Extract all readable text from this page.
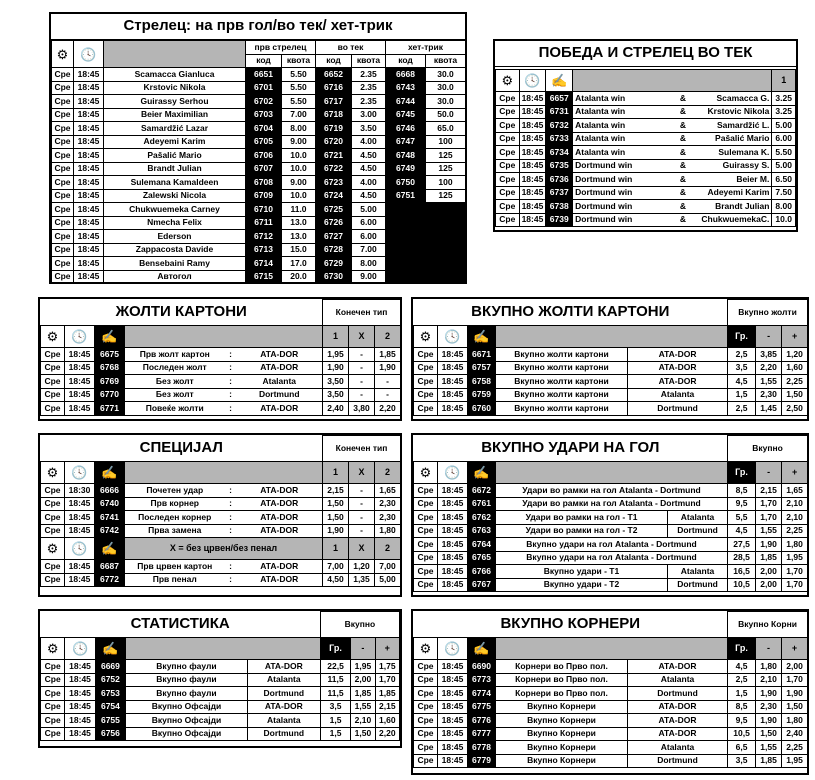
Стрелец: на прв гол/во тек/ хет-трик
⚙	🕓		прв стрелец		во тек		хет-трик	
			код	квота	код	квота	код	квота
Сре	18:45	Scamacca Gianluca	6651	5.50	6652	2.35	6668	30.0
Сре	18:45	Krstovic Nikola	6701	5.50	6716	2.35	6743	30.0
Сре	18:45	Guirassy Serhou	6702	5.50	6717	2.35	6744	30.0
Сре	18:45	Beier Maximilian	6703	7.00	6718	3.00	6745	50.0
Сре	18:45	Samardžić Lazar	6704	8.00	6719	3.50	6746	65.0
Сре	18:45	Adeyemi Karim	6705	9.00	6720	4.00	6747	100
Сре	18:45	Pašalić Mario	6706	10.0	6721	4.50	6748	125
Сре	18:45	Brandt Julian	6707	10.0	6722	4.50	6749	125
Сре	18:45	Sulemana Kamaldeen	6708	9.00	6723	4.00	6750	100
Сре	18:45	Zalewski Nicola	6709	10.0	6724	4.50	6751	125
Сре	18:45	Chukwuemeka Carney	6710	11.0	6725	5.00		
Сре	18:45	Nmecha Felix	6711	13.0	6726	6.00		
Сре	18:45	Ederson	6712	13.0	6727	6.00		
Сре	18:45	Zappacosta Davide	6713	15.0	6728	7.00		
Сре	18:45	Bensebaini Ramy	6714	17.0	6729	8.00		
Сре	18:45	Автогол	6715	20.0	6730	9.00		
ПОБЕДА И СТРЕЛЕЦ ВО ТЕК
⚙	🕓	✍				1
Сре	18:45	6657	Atalanta win	&	Scamacca G.	3.25
Сре	18:45	6731	Atalanta win	&	Krstovic Nikola	3.25
Сре	18:45	6732	Atalanta win	&	Samardžić L.	5.00
Сре	18:45	6733	Atalanta win	&	Pašalić Mario	6.00
Сре	18:45	6734	Atalanta win	&	Sulemana K.	5.50
Сре	18:45	6735	Dortmund win	&	Guirassy S.	5.00
Сре	18:45	6736	Dortmund win	&	Beier M.	6.50
Сре	18:45	6737	Dortmund win	&	Adeyemi Karim	7.50
Сре	18:45	6738	Dortmund win	&	Brandt Julian	8.00
Сре	18:45	6739	Dortmund win	&	ChukwuemekaC.	10.0
ЖОЛТИ КАРТОНИ						Конечен тип		
⚙	🕓	✍				1	X	2
Сре	18:45	6675	Прв жолт картон	:	ATA-DOR	1,95	-	1,85
Сре	18:45	6768	Последен жолт	:	ATA-DOR	1,90	-	1,90
Сре	18:45	6769	Без жолт	:	Atalanta	3,50	-	-
Сре	18:45	6770	Без жолт	:	Dortmund	3,50	-	-
Сре	18:45	6771	Повеќе жолти	:	ATA-DOR	2,40	3,80	2,20
ВКУПНО ЖОЛТИ КАРТОНИ					Вкупно жолти		
⚙	🕓	✍			Гр.	-	+
Сре	18:45	6671	Вкупно жолти картони	ATA-DOR	2,5	3,85	1,20
Сре	18:45	6757	Вкупно жолти картони	ATA-DOR	3,5	2,20	1,60
Сре	18:45	6758	Вкупно жолти картони	ATA-DOR	4,5	1,55	2,25
Сре	18:45	6759	Вкупно жолти картони	Atalanta	1,5	2,30	1,50
Сре	18:45	6760	Вкупно жолти картони	Dortmund	2,5	1,45	2,50
СПЕЦИЈАЛ						Конечен тип		
⚙	🕓	✍				1	X	2
Сре	18:30	6666	Почетен удар	:	ATA-DOR	2,15	-	1,65
Сре	18:45	6740	Прв корнер	:	ATA-DOR	1,50	-	2,30
Сре	18:45	6741	Последен корнер	:	ATA-DOR	1,50	-	2,30
Сре	18:45	6742	Прва замена	:	ATA-DOR	1,90	-	1,80
⚙	🕓	✍	X = без црвен/без пенал			1	X	2
Сре	18:45	6687	Прв црвен картон	:	ATA-DOR	7,00	1,20	7,00
Сре	18:45	6772	Прв пенал	:	ATA-DOR	4,50	1,35	5,00
ВКУПНО УДАРИ НА ГОЛ					Вкупно		
⚙	🕓	✍			Гр.	-	+
Сре	18:45	6672	Удари во рамки на гол Atalanta - Dortmund		8,5	2,15	1,65
Сре	18:45	6761	Удари во рамки на гол Atalanta - Dortmund		9,5	1,70	2,10
Сре	18:45	6762	Удари во рамки на гол - Т1	Atalanta	5,5	1,70	2,10
Сре	18:45	6763	Удари во рамки на гол - Т2	Dortmund	4,5	1,55	2,25
Сре	18:45	6764	Вкупно удари на гол Atalanta - Dortmund		27,5	1,90	1,80
Сре	18:45	6765	Вкупно удари на гол Atalanta - Dortmund		28,5	1,85	1,95
Сре	18:45	6766	Вкупно удари - Т1	Atalanta	16,5	2,00	1,70
Сре	18:45	6767	Вкупно удари - Т2	Dortmund	10,5	2,00	1,70
СТАТИСТИКА					Вкупно		
⚙	🕓	✍			Гр.	-	+
Сре	18:45	6669	Вкупно фаули	ATA-DOR	22,5	1,95	1,75
Сре	18:45	6752	Вкупно фаули	Atalanta	11,5	2,00	1,70
Сре	18:45	6753	Вкупно фаули	Dortmund	11,5	1,85	1,85
Сре	18:45	6754	Вкупно Офсајди	ATA-DOR	3,5	1,55	2,15
Сре	18:45	6755	Вкупно Офсајди	Atalanta	1,5	2,10	1,60
Сре	18:45	6756	Вкупно Офсајди	Dortmund	1,5	1,50	2,20
ВКУПНО КОРНЕРИ					Вкупно Корни		
⚙	🕓	✍			Гр.	-	+
Сре	18:45	6690	Корнери во Прво пол.	ATA-DOR	4,5	1,80	2,00
Сре	18:45	6773	Корнери во Прво пол.	Atalanta	2,5	2,10	1,70
Сре	18:45	6774	Корнери во Прво пол.	Dortmund	1,5	1,90	1,90
Сре	18:45	6775	Вкупно Корнери	ATA-DOR	8,5	2,30	1,50
Сре	18:45	6776	Вкупно Корнери	ATA-DOR	9,5	1,90	1,80
Сре	18:45	6777	Вкупно Корнери	ATA-DOR	10,5	1,50	2,40
Сре	18:45	6778	Вкупно Корнери	Atalanta	6,5	1,55	2,25
Сре	18:45	6779	Вкупно Корнери	Dortmund	3,5	1,85	1,95
